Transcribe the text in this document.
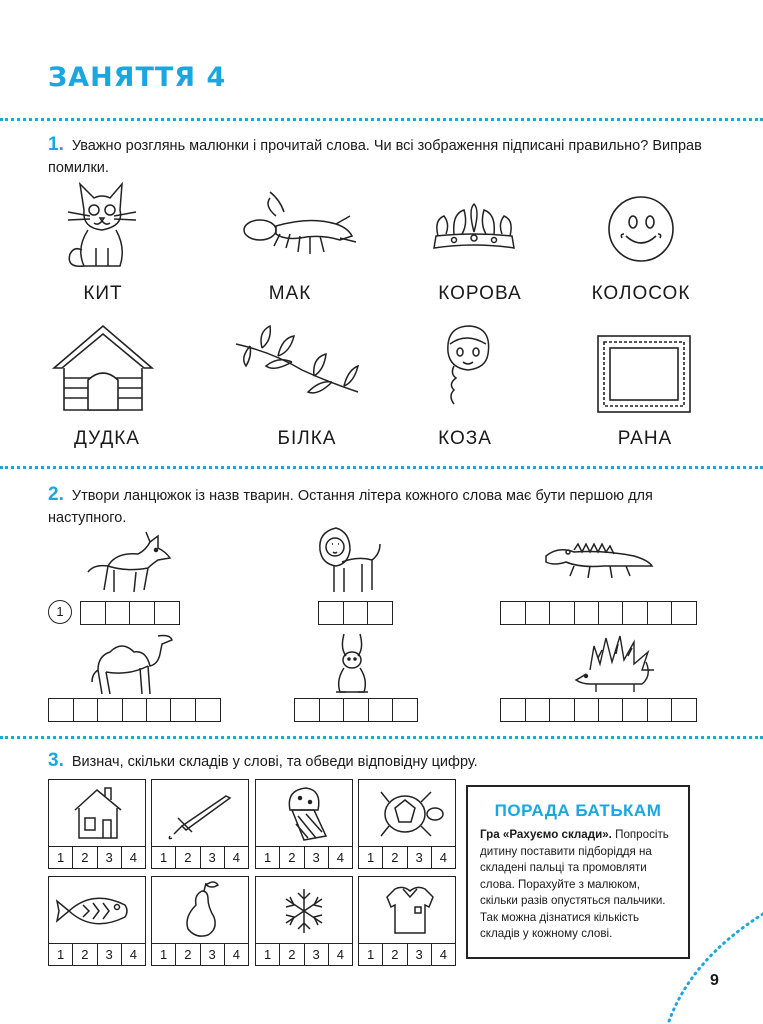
ЗАНЯТТЯ 4
1. Уважно розглянь малюнки і прочитай слова. Чи всі зображення підписані правильно? Виправ помилки.
КИТ	МАК	КОРОВА	КОЛОСОК
ДУДКА	БІЛКА	КОЗА	РАНА
2. Утвори ланцюжок із назв тварин. Остання літера кожного слова має бути першою для наступного.
1
3. Визнач, скільки складів у слові, та обведи відповідну цифру.
1	2	3	4	1	2	3	4	1	2	3	4	1	2	3	4
1	2	3	4	1	2	3	4	1	2	3	4	1	2	3	4
ПОРАДА БАТЬКАМ
Гра «Рахуємо склади». Попросіть дитину поставити підборіддя на складені пальці та промовляти слова. Порахуйте з малюком, скільки разів опустяться пальчики. Так можна дізнатися кількість складів у кожному слові.
9
